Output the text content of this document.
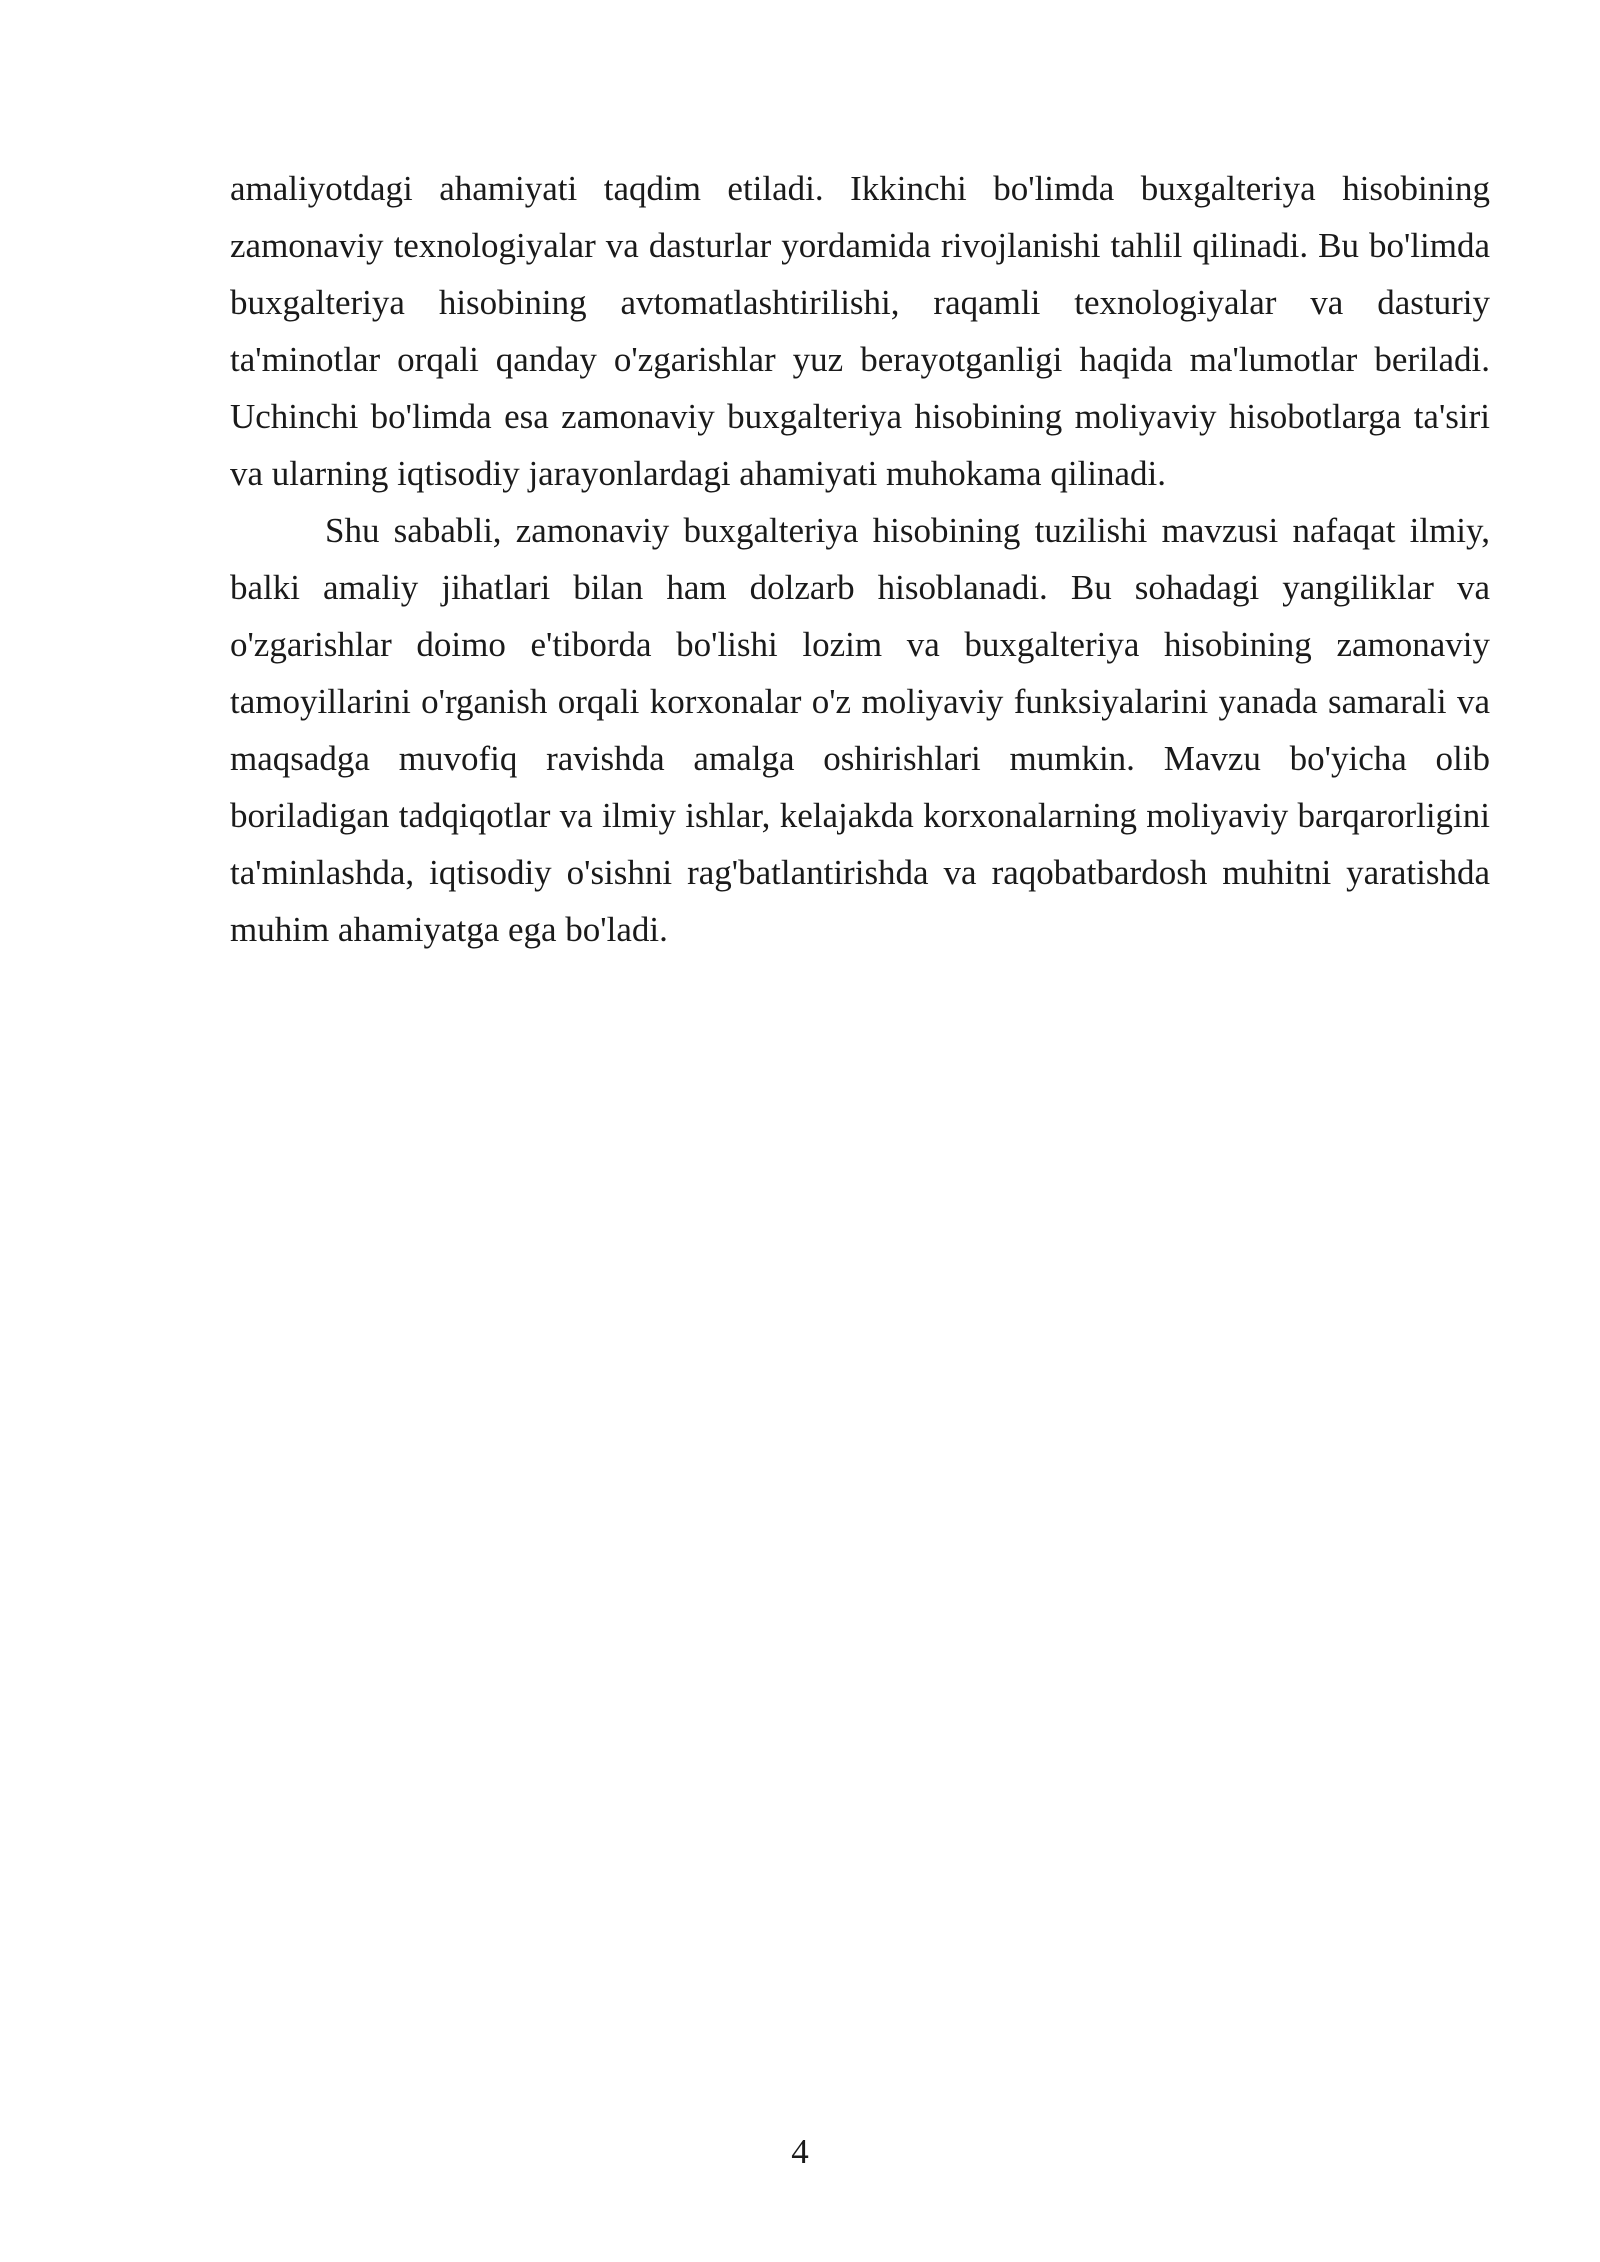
amaliyotdagi ahamiyati taqdim etiladi. Ikkinchi bo'limda buxgalteriya hisobining zamonaviy texnologiyalar va dasturlar yordamida rivojlanishi tahlil qilinadi. Bu bo'limda buxgalteriya hisobining avtomatlashtirilishi, raqamli texnologiyalar va dasturiy ta'minotlar orqali qanday o'zgarishlar yuz berayotganligi haqida ma'lumotlar beriladi. Uchinchi bo'limda esa zamonaviy buxgalteriya hisobining moliyaviy hisobotlarga ta'siri va ularning iqtisodiy jarayonlardagi ahamiyati muhokama qilinadi.

Shu sababli, zamonaviy buxgalteriya hisobining tuzilishi mavzusi nafaqat ilmiy, balki amaliy jihatlari bilan ham dolzarb hisoblanadi. Bu sohadagi yangiliklar va o'zgarishlar doimo e'tiborda bo'lishi lozim va buxgalteriya hisobining zamonaviy tamoyillarini o'rganish orqali korxonalar o'z moliyaviy funksiyalarini yanada samarali va maqsadga muvofiq ravishda amalga oshirishlari mumkin. Mavzu bo'yicha olib boriladigan tadqiqotlar va ilmiy ishlar, kelajakda korxonalarning moliyaviy barqarorligini ta'minlashda, iqtisodiy o'sishni rag'batlantirishda va raqobatbardosh muhitni yaratishda muhim ahamiyatga ega bo'ladi.

4
